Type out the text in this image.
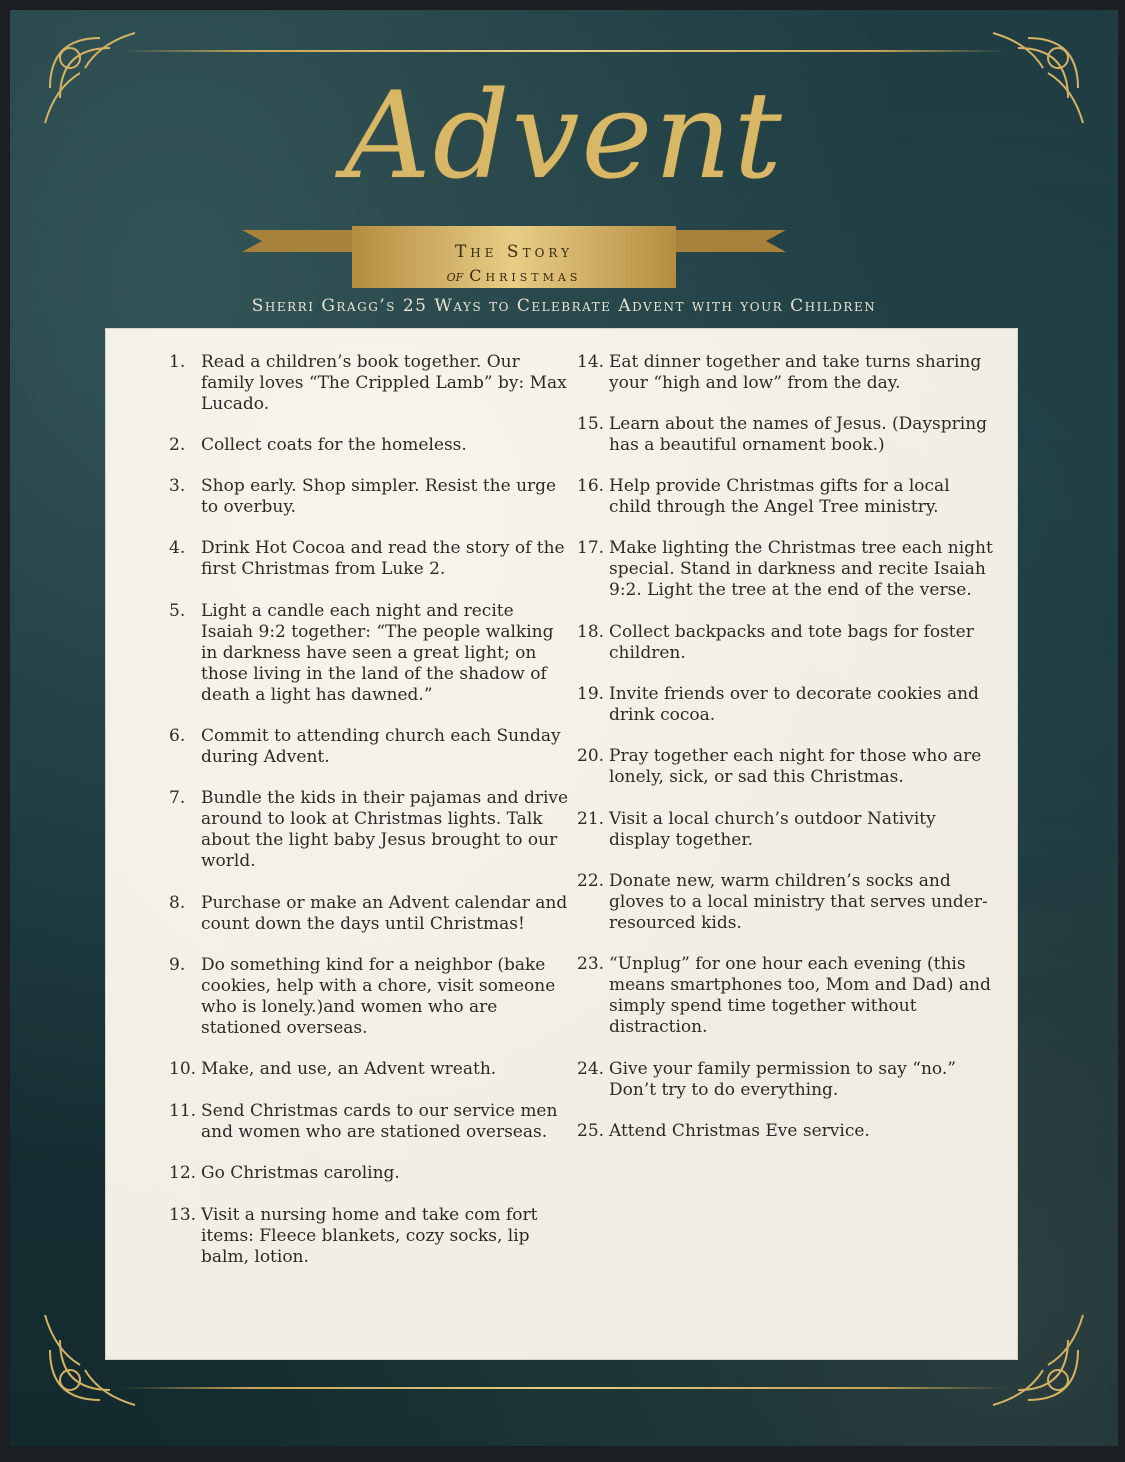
Advent
The Story
of Christmas
Sherri Gragg’s 25 Ways to Celebrate Advent with your Children
1. Read a children’s book together. Our family loves “The Crippled Lamb” by: Max Lucado.
2. Collect coats for the homeless.
3. Shop early. Shop simpler. Resist the urge to overbuy.
4. Drink Hot Cocoa and read the story of the first Christmas from Luke 2.
5. Light a candle each night and recite Isaiah 9:2 together: “The people walking in darkness have seen a great light; on those living in the land of the shadow of death a light has dawned.”
6. Commit to attending church each Sunday during Advent.
7. Bundle the kids in their pajamas and drive around to look at Christmas lights. Talk about the light baby Jesus brought to our world.
8. Purchase or make an Advent calendar and count down the days until Christmas!
9. Do something kind for a neighbor (bake cookies, help with a chore, visit someone who is lonely.)and women who are stationed overseas.
10. Make, and use, an Advent wreath.
11. Send Christmas cards to our service men and women who are stationed overseas.
12. Go Christmas caroling.
13. Visit a nursing home and take com fort items: Fleece blankets, cozy socks, lip balm, lotion.
14. Eat dinner together and take turns sharing your “high and low” from the day.
15. Learn about the names of Jesus. (Dayspring has a beautiful ornament book.)
16. Help provide Christmas gifts for a local child through the Angel Tree ministry.
17. Make lighting the Christmas tree each night special. Stand in darkness and recite Isaiah 9:2. Light the tree at the end of the verse.
18. Collect backpacks and tote bags for foster children.
19. Invite friends over to decorate cookies and drink cocoa.
20. Pray together each night for those who are lonely, sick, or sad this Christmas.
21. Visit a local church’s outdoor Nativity display together.
22. Donate new, warm children’s socks and gloves to a local ministry that serves under-resourced kids.
23. “Unplug” for one hour each evening (this means smartphones too, Mom and Dad) and simply spend time together without distraction.
24. Give your family permission to say “no.” Don’t try to do everything.
25. Attend Christmas Eve service.
